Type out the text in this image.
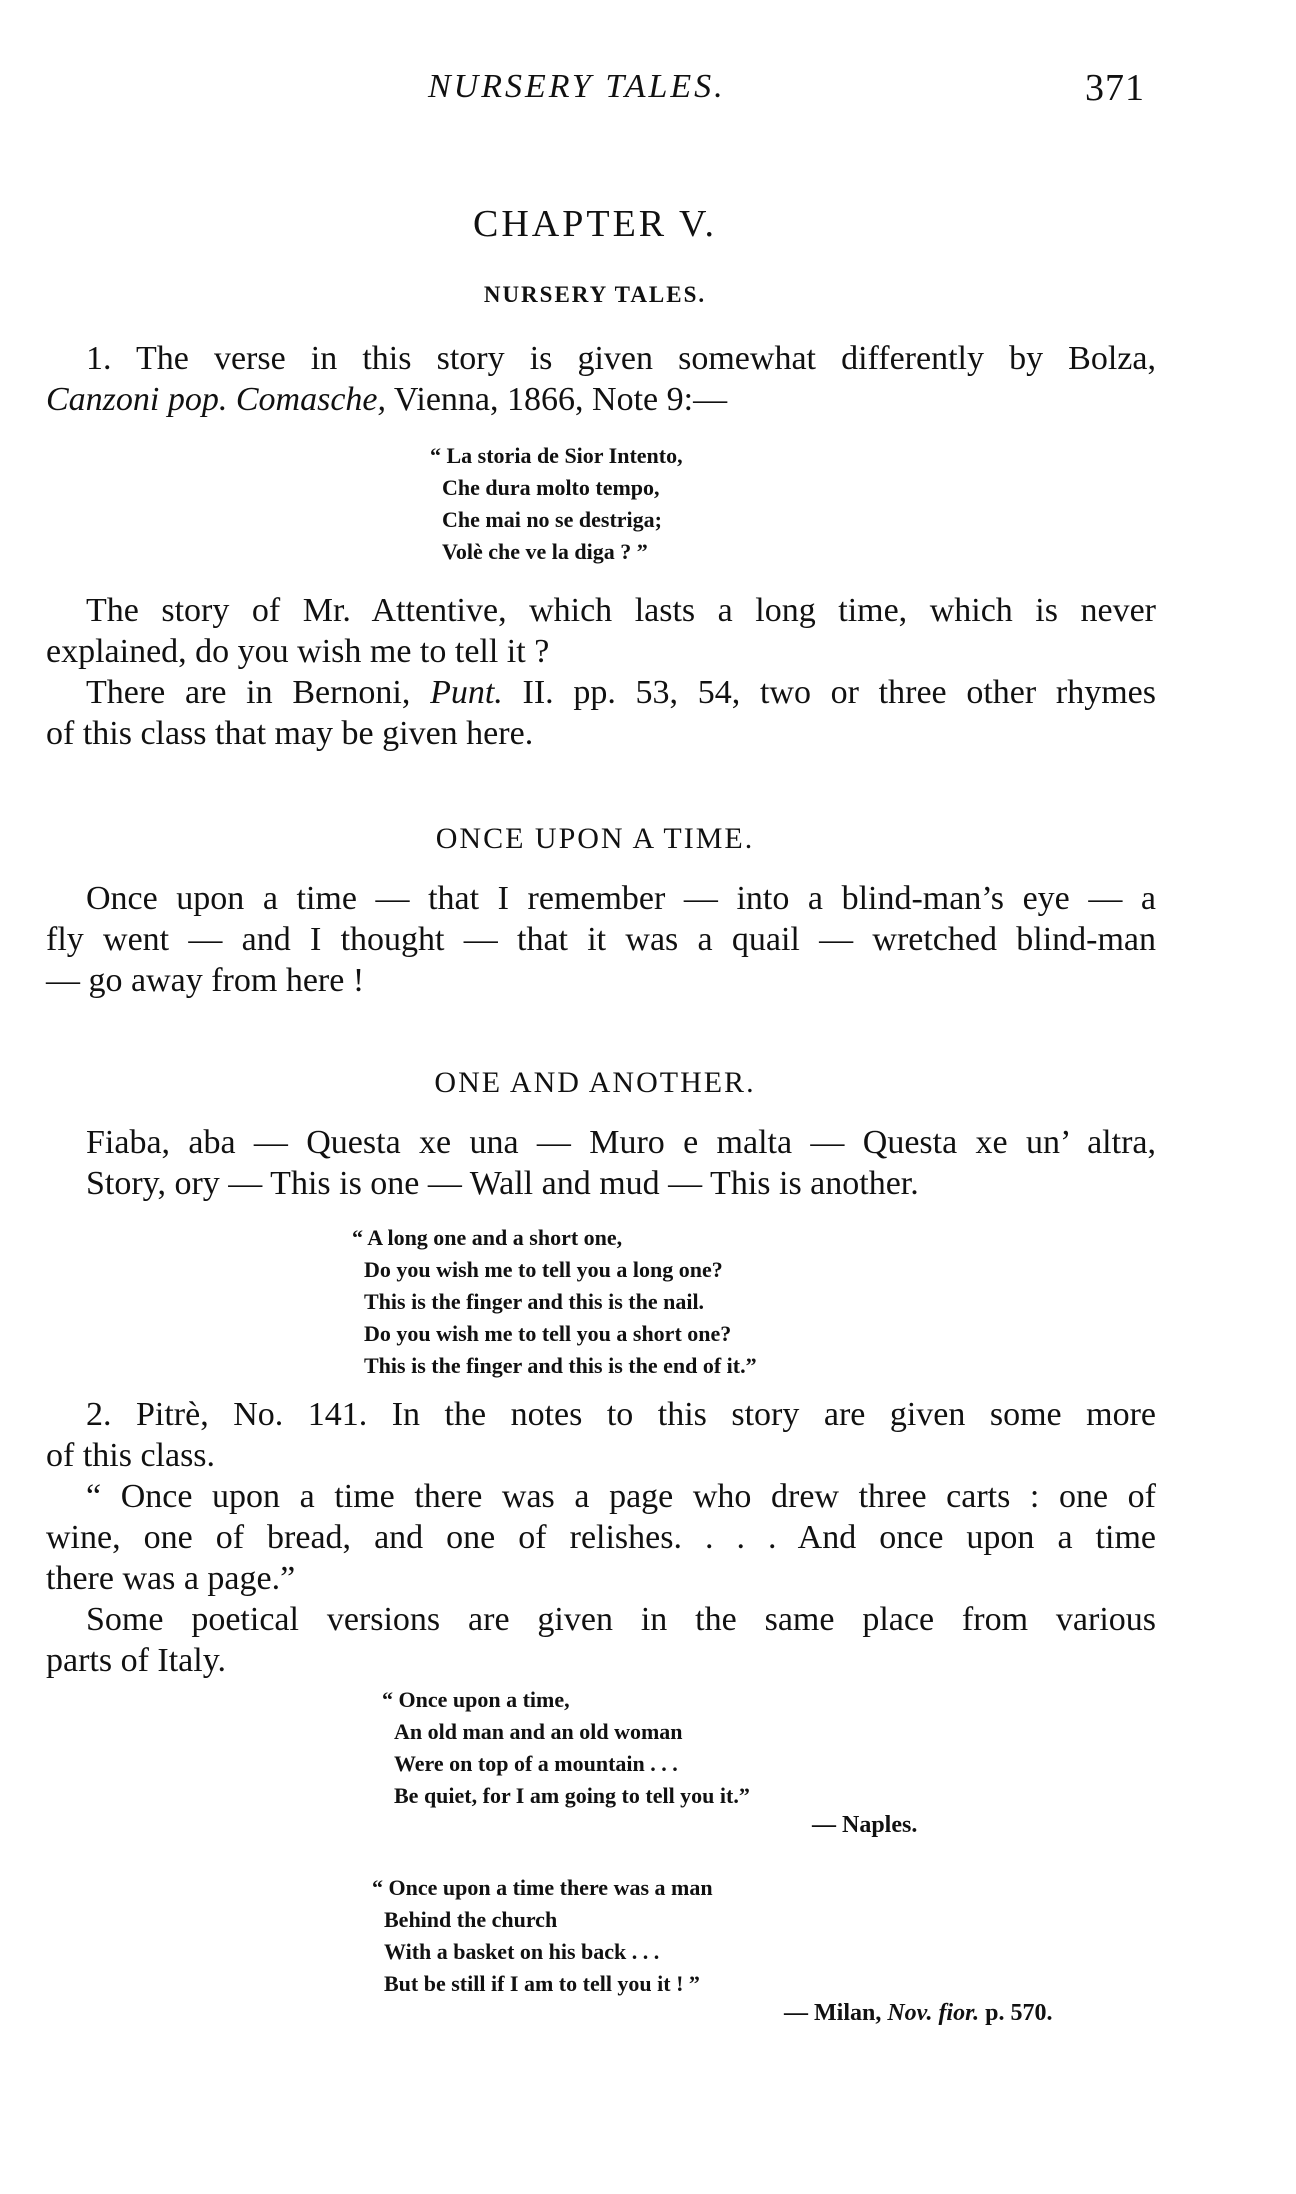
NURSERY TALES.	371
CHAPTER V.
NURSERY TALES.

1. The verse in this story is given somewhat differently by Bolza,
Canzoni pop. Comasche, Vienna, 1866, Note 9:—

“ La storia de Sior Intento,
Che dura molto tempo,
Che mai no se destriga;
Volè che ve la diga ? ”

The story of Mr. Attentive, which lasts a long time, which is never
explained, do you wish me to tell it ?
There are in Bernoni, Punt. II. pp. 53, 54, two or three other rhymes
of this class that may be given here.

ONCE UPON A TIME.

Once upon a time — that I remember — into a blind-man’s eye — a
fly went — and I thought — that it was a quail — wretched blind-man
— go away from here !

ONE AND ANOTHER.

Fiaba, aba — Questa xe una — Muro e malta — Questa xe un’ altra,
Story, ory — This is one — Wall and mud — This is another.

“ A long one and a short one,
Do you wish me to tell you a long one?
This is the finger and this is the nail.
Do you wish me to tell you a short one?
This is the finger and this is the end of it.”

2. Pitrè, No. 141. In the notes to this story are given some more
of this class.
“ Once upon a time there was a page who drew three carts : one of
wine, one of bread, and one of relishes. . . . And once upon a time
there was a page.”
Some poetical versions are given in the same place from various
parts of Italy.

“ Once upon a time,
An old man and an old woman
Were on top of a mountain . . .
Be quiet, for I am going to tell you it.”
— Naples.
“ Once upon a time there was a man
Behind the church
With a basket on his back . . .
But be still if I am to tell you it ! ”
— Milan, Nov. fior. p. 570.
